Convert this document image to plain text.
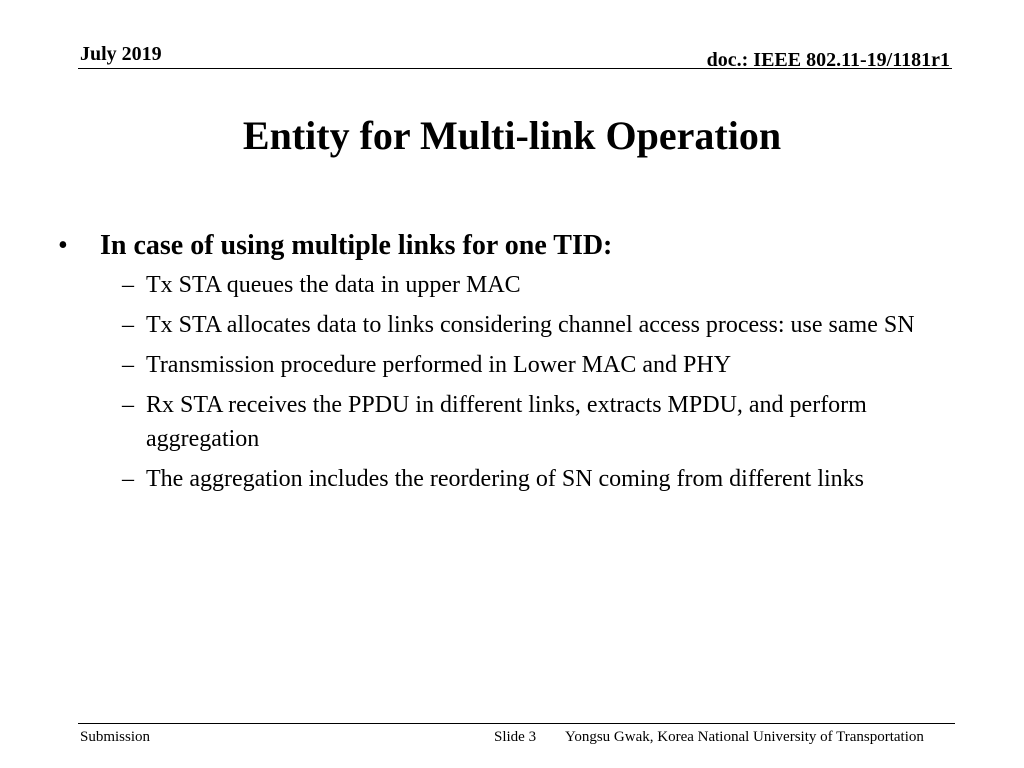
July 2019	doc.: IEEE 802.11-19/1181r1
Entity for Multi-link Operation
• In case of using multiple links for one TID:
– Tx STA queues the data in upper MAC
– Tx STA allocates data to links considering channel access process: use same SN
– Transmission procedure performed in Lower MAC and PHY
– Rx STA receives the PPDU in different links, extracts MPDU, and perform aggregation
– The aggregation includes the reordering of SN coming from different links
Submission	Slide 3 Yongsu Gwak, Korea National University of Transportation
